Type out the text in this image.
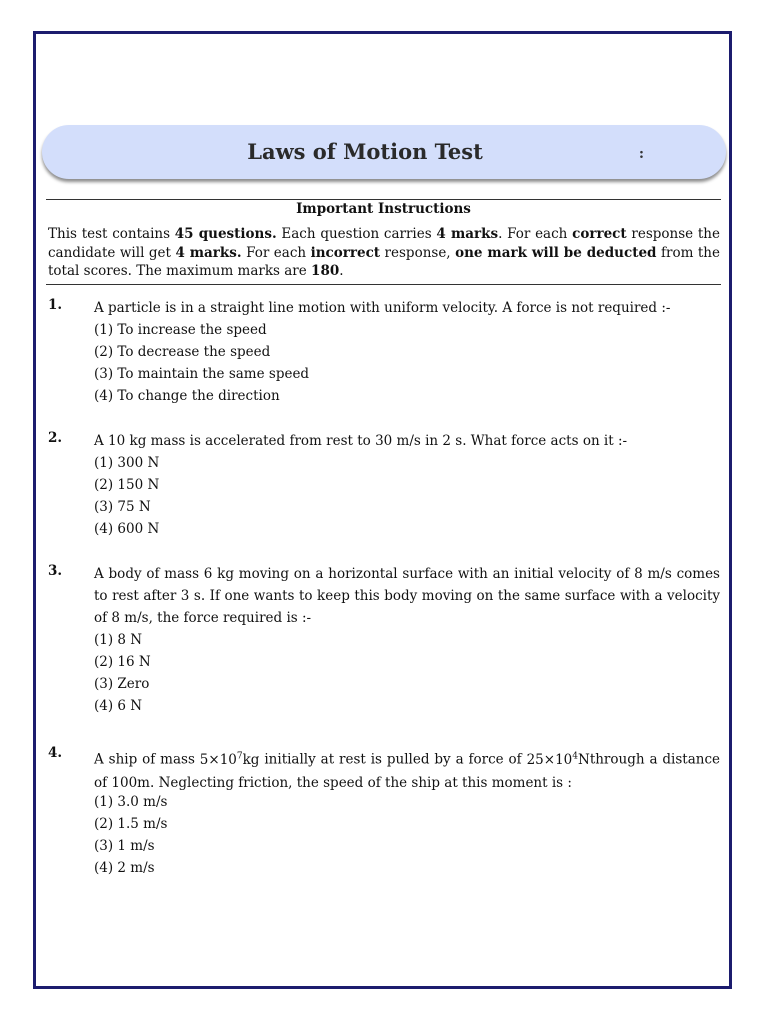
Laws of Motion Test	:
Important Instructions
This test contains 45 questions. Each question carries 4 marks. For each correct response the candidate will get 4 marks. For each incorrect response, one mark will be deducted from the total scores. The maximum marks are 180.
1. A particle is in a straight line motion with uniform velocity. A force is not required :-
(1) To increase the speed
(2) To decrease the speed
(3) To maintain the same speed
(4) To change the direction
2. A 10 kg mass is accelerated from rest to 30 m/s in 2 s. What force acts on it :-
(1) 300 N
(2) 150 N
(3) 75 N
(4) 600 N
3. A body of mass 6 kg moving on a horizontal surface with an initial velocity of 8 m/s comes to rest after 3 s. If one wants to keep this body moving on the same surface with a velocity of 8 m/s, the force required is :-
(1) 8 N
(2) 16 N
(3) Zero
(4) 6 N
4. A ship of mass $5\times 10^7kg$ initially at rest is pulled by a force of $25\times 10^4Nthrough$ a distance of 100m. Neglecting friction, the speed of the ship at this moment is :
(1) 3.0 m/s
(2) 1.5 m/s
(3) 1 m/s
(4) 2 m/s
